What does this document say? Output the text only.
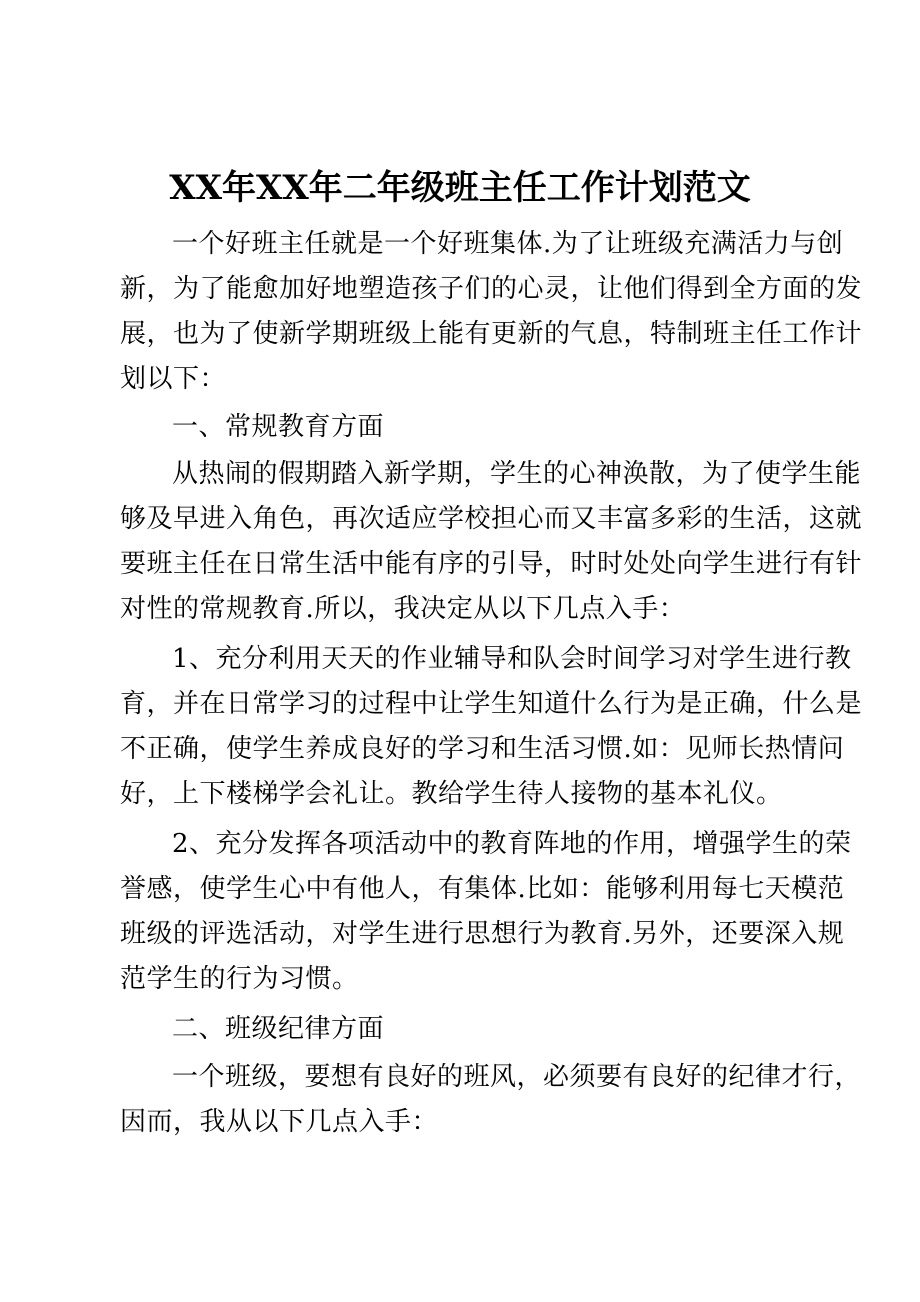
XX年XX年二年级班主任工作计划范文
一个好班主任就是一个好班集体.为了让班级充满活力与创
新，为了能愈加好地塑造孩子们的心灵，让他们得到全方面的发
展，也为了使新学期班级上能有更新的气息，特制班主任工作计
划以下：
一、常规教育方面
从热闹的假期踏入新学期，学生的心神涣散，为了使学生能
够及早进入角色，再次适应学校担心而又丰富多彩的生活，这就
要班主任在日常生活中能有序的引导，时时处处向学生进行有针
对性的常规教育.所以，我决定从以下几点入手：
1、充分利用天天的作业辅导和队会时间学习对学生进行教
育，并在日常学习的过程中让学生知道什么行为是正确，什么是
不正确，使学生养成良好的学习和生活习惯.如：见师长热情问
好，上下楼梯学会礼让。教给学生待人接物的基本礼仪。
2、充分发挥各项活动中的教育阵地的作用，增强学生的荣
誉感，使学生心中有他人，有集体.比如：能够利用每七天模范
班级的评选活动，对学生进行思想行为教育.另外，还要深入规
范学生的行为习惯。
二、班级纪律方面
一个班级，要想有良好的班风，必须要有良好的纪律才行，
因而，我从以下几点入手：
